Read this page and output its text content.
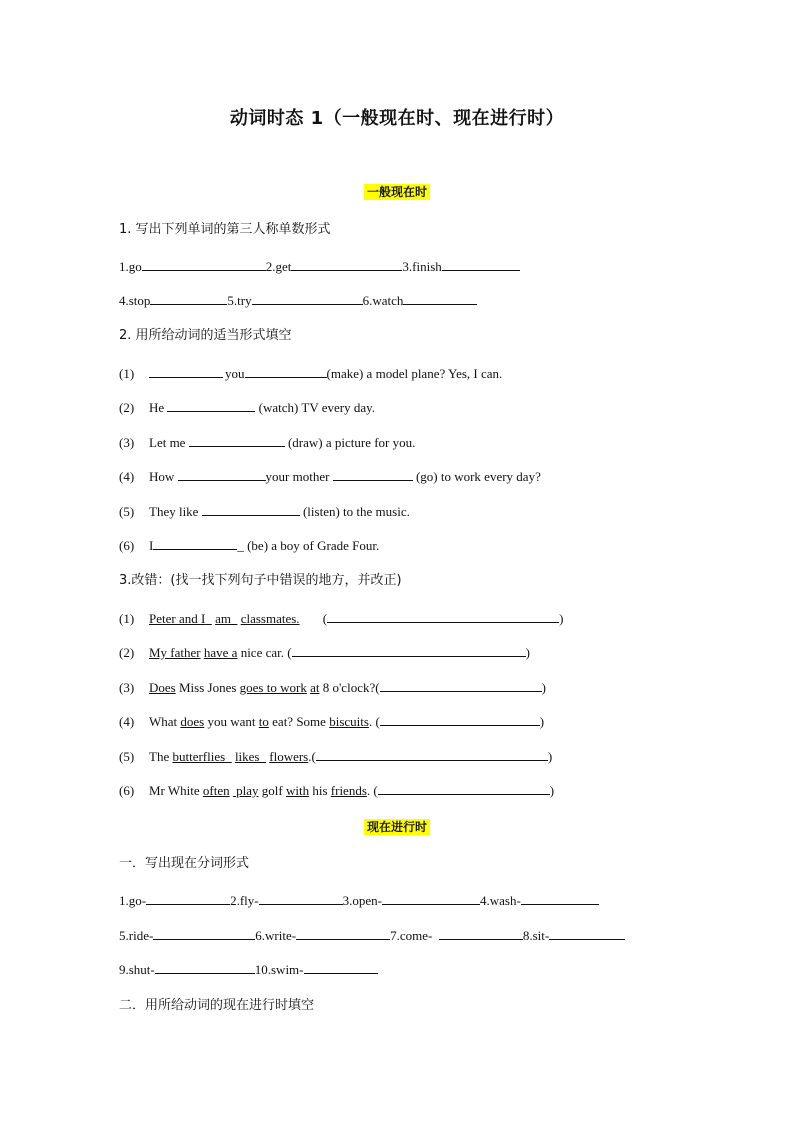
动词时态 1（一般现在时、现在进行时）
一般现在时
1. 写出下列单词的第三人称单数形式
1.go	2.get	3.finish
4.stop	5.try	6.watch
2. 用所给动词的适当形式填空
(1)	you	(make) a model plane? Yes, I can.
(2) He	(watch) TV every day.
(3) Let me	(draw) a picture for you.
(4) How	your mother	(go) to work every day?
(5) They like	(listen) to the music.
(6) I	_ (be) a boy of Grade Four.
3.改错：(找一找下列句子中错误的地方，并改正)
(1) Peter and I am classmates. (	)
(2) My father have a nice car. (	)
(3) Does Miss Jones goes to work at 8 o'clock?(	)
(4) What does you want to eat? Some biscuits. (	)
(5) The butterflies likes flowers.(	)
(6) Mr White often play golf with his friends. (	)
现在进行时
一．写出现在分词形式
1.go-	2.fly-	3.open-	4.wash-
5.ride-	6.write-	7.come-	8.sit-
9.shut-	10.swim-
二．用所给动词的现在进行时填空
